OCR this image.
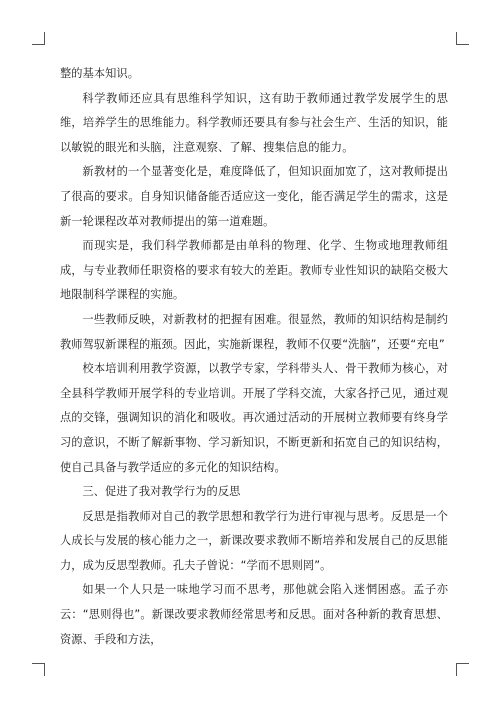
整的基本知识。

科学教师还应具有思维科学知识，这有助于教师通过教学发展学生的思维，培养学生的思维能力。科学教师还要具有参与社会生产、生活的知识，能以敏锐的眼光和头脑，注意观察、了解、搜集信息的能力。

新教材的一个显著变化是，难度降低了，但知识面加宽了，这对教师提出了很高的要求。自身知识储备能否适应这一变化，能否满足学生的需求，这是新一轮课程改革对教师提出的第一道难题。

而现实是，我们科学教师都是由单科的物理、化学、生物或地理教师组成，与专业教师任职资格的要求有较大的差距。教师专业性知识的缺陷交极大地限制科学课程的实施。

一些教师反映，对新教材的把握有困难。很显然，教师的知识结构是制约教师驾驭新课程的瓶颈。因此，实施新课程，教师不仅要“洗脑”，还要“充电”

校本培训利用教学资源，以教学专家，学科带头人、骨干教师为核心，对全县科学教师开展学科的专业培训。开展了学科交流，大家各抒己见，通过观点的交锋，强调知识的消化和吸收。再次通过活动的开展树立教师要有终身学习的意识，不断了解新事物、学习新知识，不断更新和拓宽自己的知识结构，使自己具备与教学适应的多元化的知识结构。

三、促进了我对教学行为的反思

反思是指教师对自己的教学思想和教学行为进行审视与思考。反思是一个人成长与发展的核心能力之一，新课改要求教师不断培养和发展自己的反思能力，成为反思型教师。孔夫子曾说：“学而不思则罔”。

如果一个人只是一味地学习而不思考，那他就会陷入迷惘困惑。孟子亦云：“思则得也”。新课改要求教师经常思考和反思。面对各种新的教育思想、资源、手段和方法，
